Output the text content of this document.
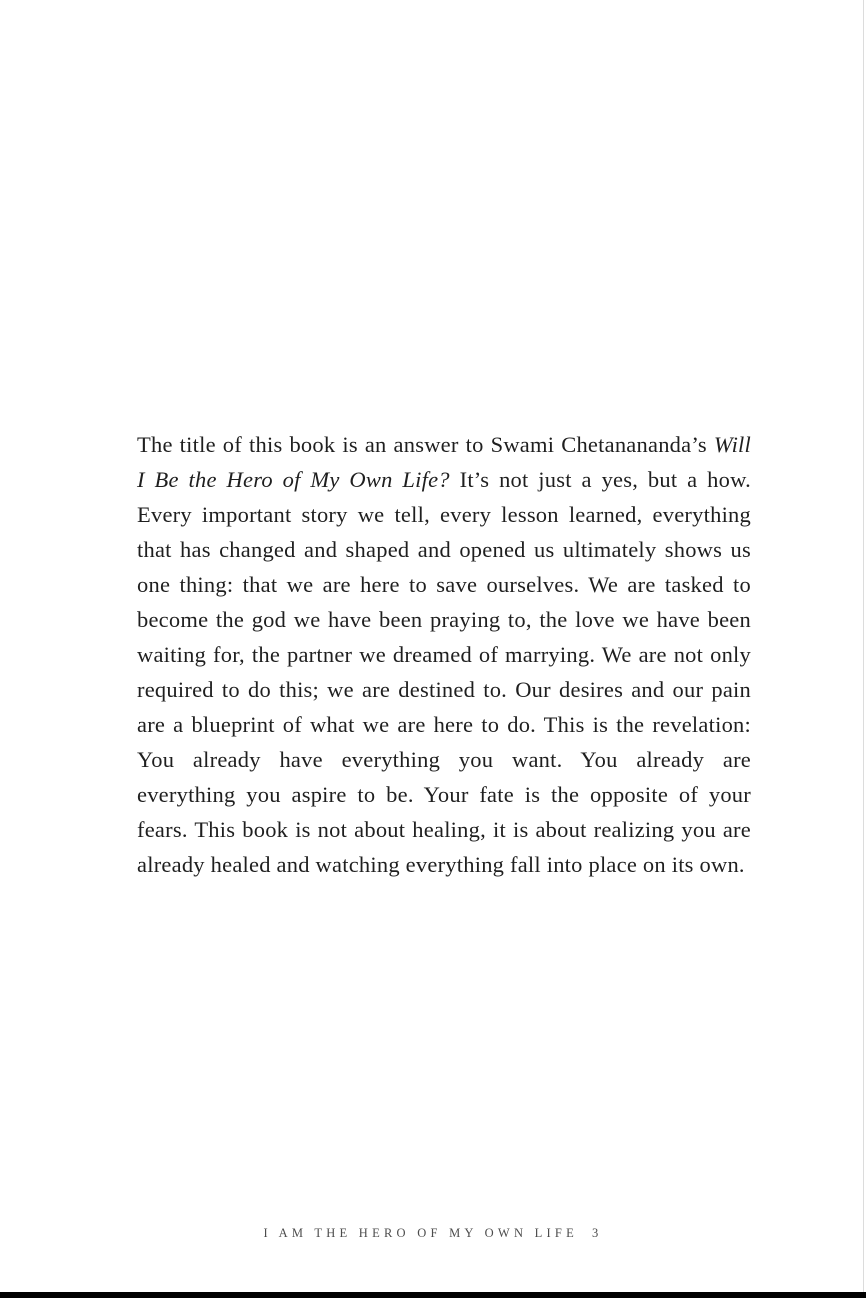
The title of this book is an answer to Swami Chetanananda’s Will I Be the Hero of My Own Life? It’s not just a yes, but a how. Every important story we tell, every lesson learned, everything that has changed and shaped and opened us ultimately shows us one thing: that we are here to save ourselves. We are tasked to become the god we have been praying to, the love we have been waiting for, the partner we dreamed of marrying. We are not only required to do this; we are destined to. Our desires and our pain are a blueprint of what we are here to do. This is the revelation: You already have everything you want. You already are everything you aspire to be. Your fate is the opposite of your fears. This book is not about healing, it is about realizing you are already healed and watching everything fall into place on its own.

I AM THE HERO OF MY OWN LIFE 3
